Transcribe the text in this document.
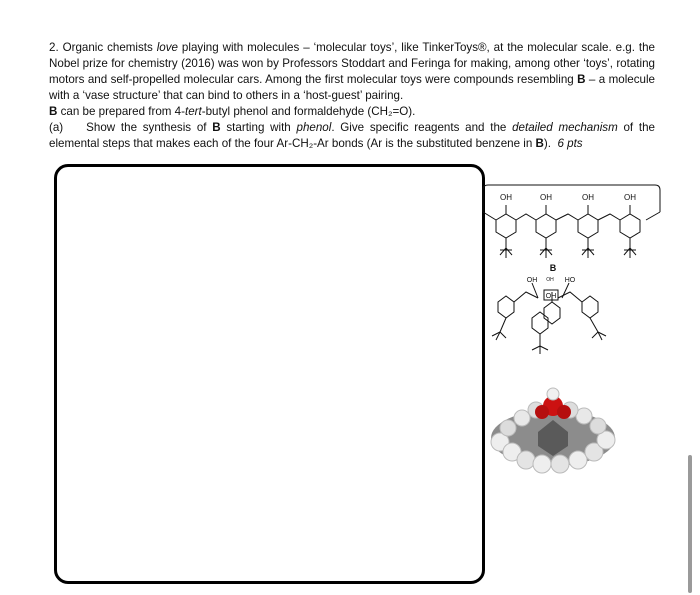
2. Organic chemists love playing with molecules – ‘molecular toys’, like TinkerToys®, at the molecular scale. e.g. the Nobel prize for chemistry (2016) was won by Professors Stoddart and Feringa for making, among other ‘toys’, rotating motors and self-propelled molecular cars. Among the first molecular toys were compounds resembling B – a molecule with a ‘vase structure’ that can bind to others in a ‘host-guest’ pairing.

B can be prepared from 4-tert-butyl phenol and formaldehyde (CH₂=O).

(a) Show the synthesis of B starting with phenol. Give specific reagents and the detailed mechanism of the elemental steps that makes each of the four Ar-CH₂-Ar bonds (Ar is the substituted benzene in B). 6 pts

OH	OH	OH	OH
B
OH OH HO
OH
